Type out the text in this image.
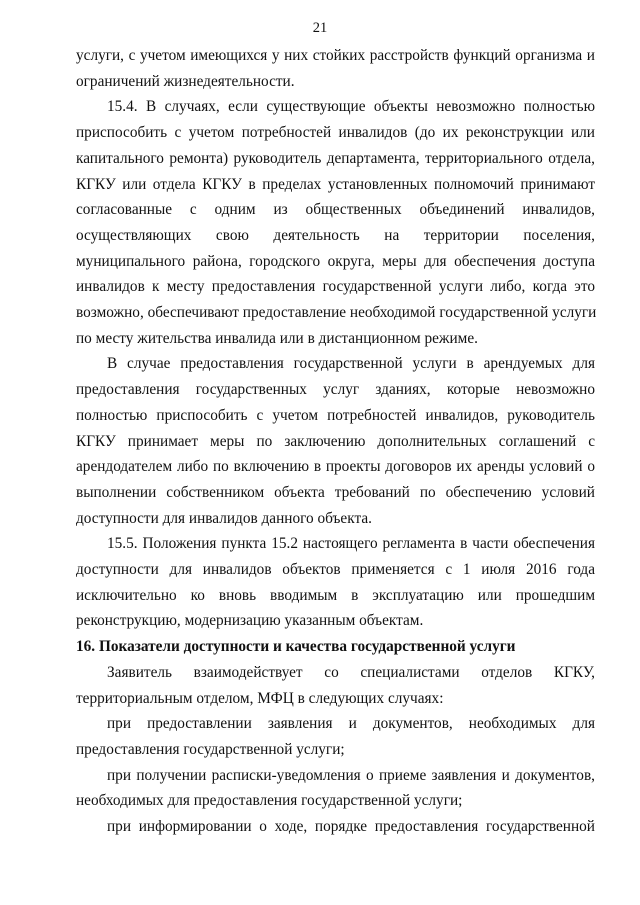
21

услуги, с учетом имеющихся у них стойких расстройств функций организма и
ограничений жизнедеятельности.

15.4. В случаях, если существующие объекты невозможно полностью
приспособить с учетом потребностей инвалидов (до их реконструкции или
капитального ремонта) руководитель департамента, территориального отдела,
КГКУ или отдела КГКУ в пределах установленных полномочий принимают
согласованные с одним из общественных объединений инвалидов,
осуществляющих свою деятельность на территории поселения,
муниципального района, городского округа, меры для обеспечения доступа
инвалидов к месту предоставления государственной услуги либо, когда это
возможно, обеспечивают предоставление необходимой государственной услуги
по месту жительства инвалида или в дистанционном режиме.

В случае предоставления государственной услуги в арендуемых для
предоставления государственных услуг зданиях, которые невозможно
полностью приспособить с учетом потребностей инвалидов, руководитель
КГКУ принимает меры по заключению дополнительных соглашений с
арендодателем либо по включению в проекты договоров их аренды условий о
выполнении собственником объекта требований по обеспечению условий
доступности для инвалидов данного объекта.

15.5. Положения пункта 15.2 настоящего регламента в части обеспечения
доступности для инвалидов объектов применяется с 1 июля 2016 года
исключительно ко вновь вводимым в эксплуатацию или прошедшим
реконструкцию, модернизацию указанным объектам.

16. Показатели доступности и качества государственной услуги

Заявитель взаимодействует со специалистами отделов КГКУ,
территориальным отделом, МФЦ в следующих случаях:

при предоставлении заявления и документов, необходимых для
предоставления государственной услуги;

при получении расписки-уведомления о приеме заявления и документов,
необходимых для предоставления государственной услуги;

при информировании о ходе, порядке предоставления государственной
